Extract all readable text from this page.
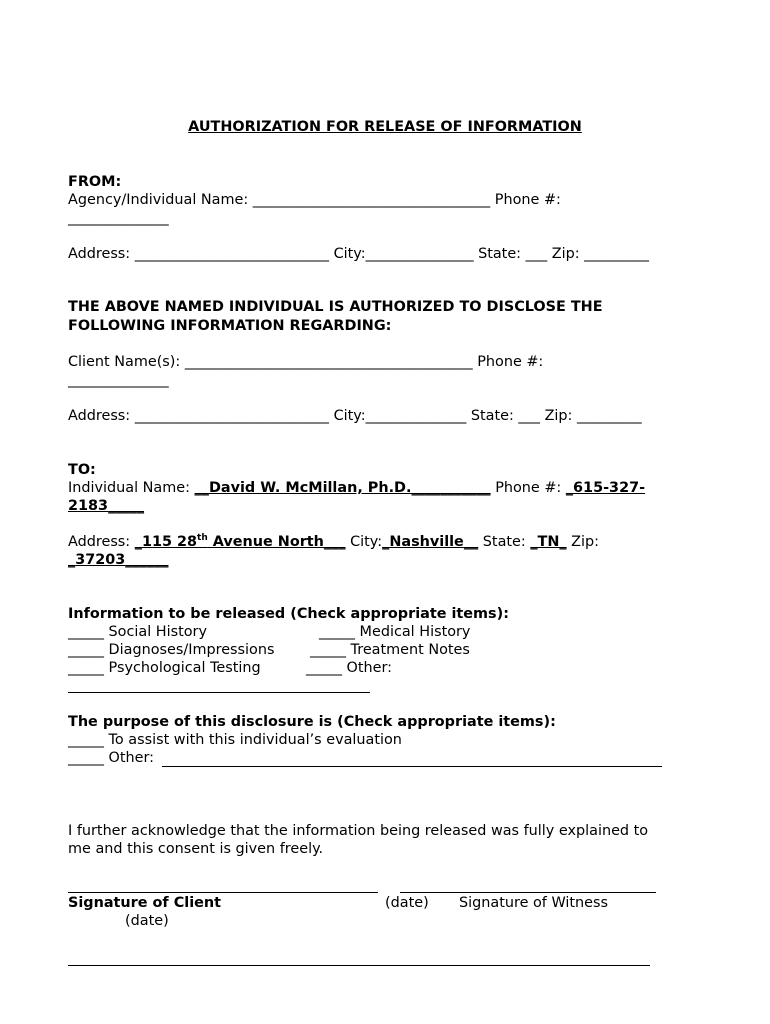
AUTHORIZATION FOR RELEASE OF INFORMATION
FROM:
Agency/Individual Name: _________________________________ Phone #:
______________
Address: ___________________________ City:_______________ State: ___ Zip: _________
THE ABOVE NAMED INDIVIDUAL IS AUTHORIZED TO DISCLOSE THE
FOLLOWING INFORMATION REGARDING:
Client Name(s): ________________________________________ Phone #:
______________
Address: ___________________________ City:______________ State: ___ Zip: _________
TO:
Individual Name: __David W. McMillan, Ph.D.___________ Phone #: _615-327-
2183_____
Address: _115 28th Avenue North___ City:_Nashville__ State: _TN_ Zip:
_37203______
Information to be released (Check appropriate items):
_____ Social History	_____ Medical History
_____ Diagnoses/Impressions _____ Treatment Notes
_____ Psychological Testing	_____ Other:
The purpose of this disclosure is (Check appropriate items):
_____ To assist with this individual’s evaluation
_____ Other:
I further acknowledge that the information being released was fully explained to
me and this consent is given freely.
Signature of Client	(date) Signature of Witness
(date)
